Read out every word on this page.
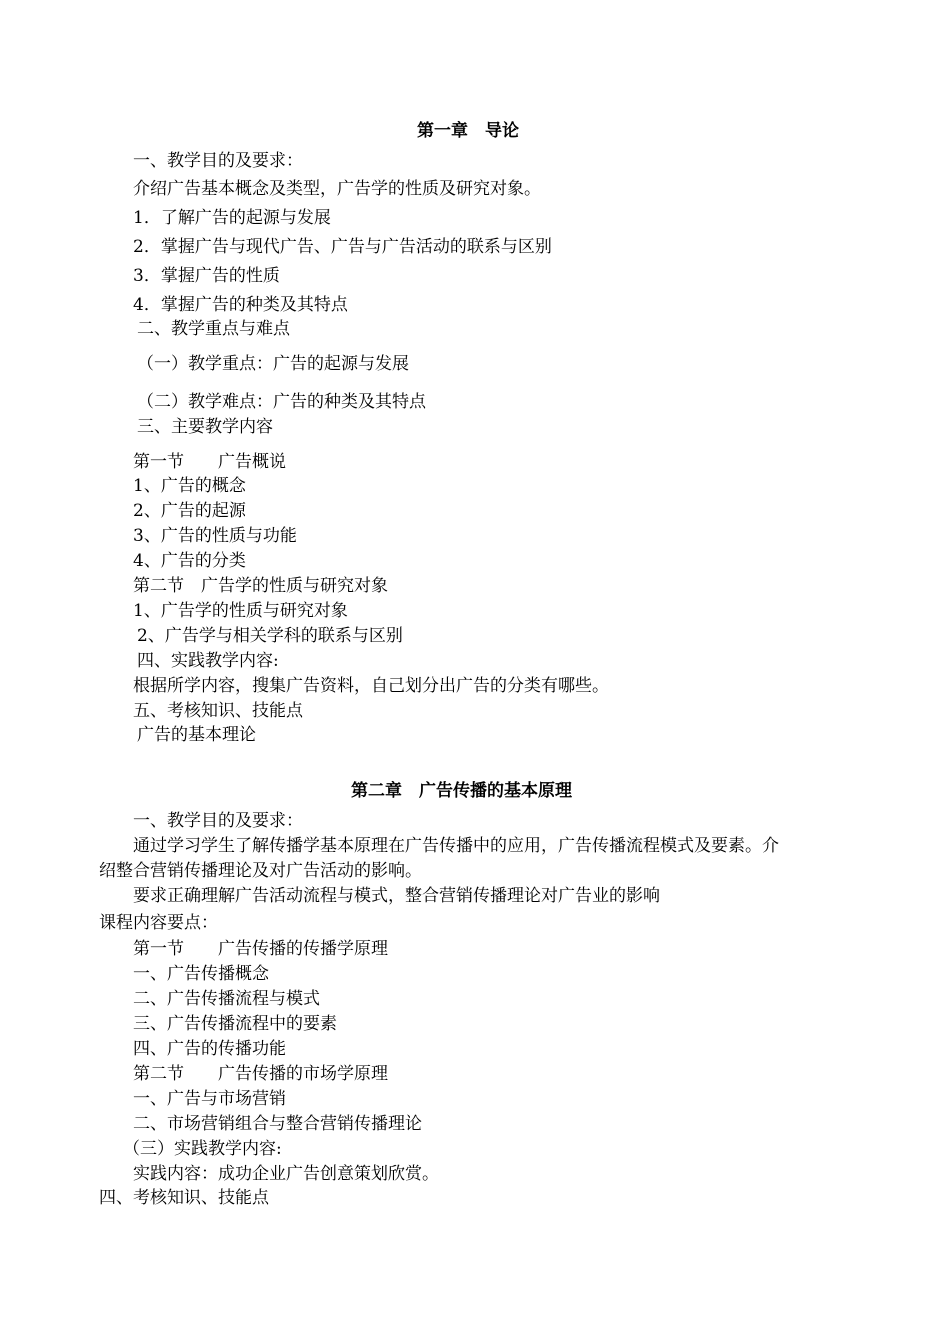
第一章　导论
一、教学目的及要求：
介绍广告基本概念及类型，广告学的性质及研究对象。
1．了解广告的起源与发展
2．掌握广告与现代广告、广告与广告活动的联系与区别
3．掌握广告的性质
4．掌握广告的种类及其特点
二、教学重点与难点
（一）教学重点：广告的起源与发展
（二）教学难点：广告的种类及其特点
三、主要教学内容
第一节　　广告概说
1、广告的概念
2、广告的起源
3、广告的性质与功能
4、广告的分类
第二节　广告学的性质与研究对象
1、广告学的性质与研究对象
2、广告学与相关学科的联系与区别
四、实践教学内容:
根据所学内容，搜集广告资料，自己划分出广告的分类有哪些。
五、考核知识、技能点
广告的基本理论
第二章　广告传播的基本原理
一、教学目的及要求：
通过学习学生了解传播学基本原理在广告传播中的应用，广告传播流程模式及要素。介
绍整合营销传播理论及对广告活动的影响。
要求正确理解广告活动流程与模式，整合营销传播理论对广告业的影响
课程内容要点：
第一节　　广告传播的传播学原理
一、广告传播概念
二、广告传播流程与模式
三、广告传播流程中的要素
四、广告的传播功能
第二节　　广告传播的市场学原理
一、广告与市场营销
二、市场营销组合与整合营销传播理论
（三）实践教学内容:
实践内容：成功企业广告创意策划欣赏。
四、考核知识、技能点
